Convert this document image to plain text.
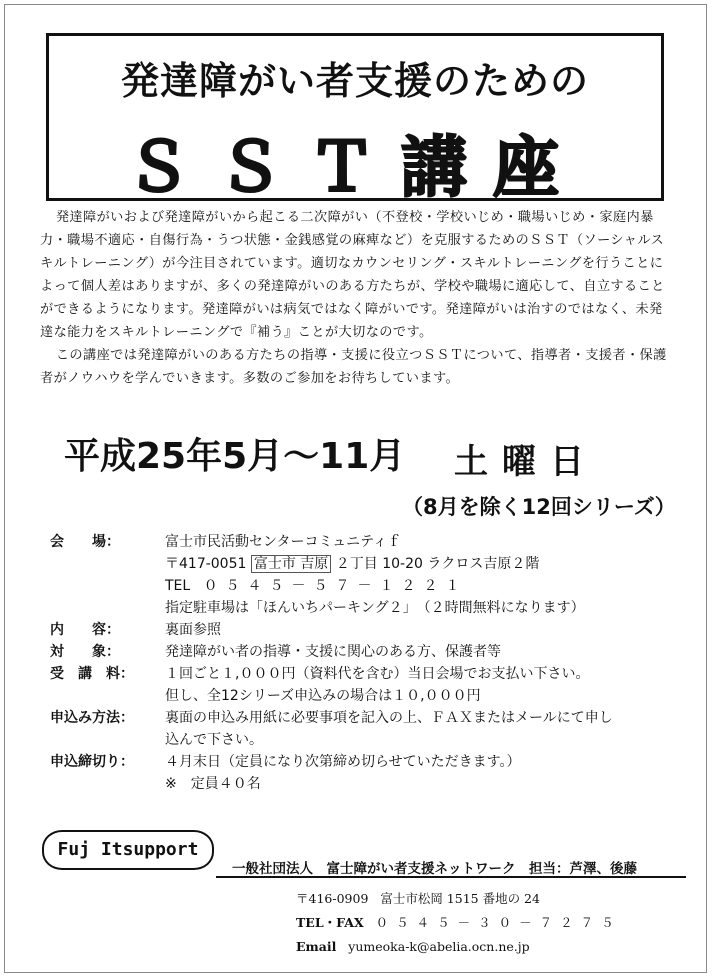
発達障がい者支援のための
ＳＳＴ講座

発達障がいおよび発達障がいから起こる二次障がい（不登校・学校いじめ・職場いじめ・家庭内暴力・職場不適応・自傷行為・うつ状態・金銭感覚の麻痺など）を克服するためのＳＳＴ（ソーシャルスキルトレーニング）が今注目されています。適切なカウンセリング・スキルトレーニングを行うことによって個人差はありますが、多くの発達障がいのある方たちが、学校や職場に適応して、自立することができるようになります。発達障がいは病気ではなく障がいです。発達障がいは治すのではなく、未発達な能力をスキルトレーニングで『補う』ことが大切なのです。

この講座では発達障がいのある方たちの指導・支援に役立つＳＳＴについて、指導者・支援者・保護者がノウハウを学んでいきます。多数のご参加をお待ちしています。

平成25年5月～11月 土曜日
（8月を除く12回シリーズ）
会　　場：	富士市民活動センターコミュニティｆ
〒417-0051 富士市 吉原 ２丁目 10-20 ラクロス吉原２階
TEL ０５４５－５７－１２２１
指定駐車場は「ほんいちパーキング２」　（２時間無料になります）
内　　容：	裏面参照
対　　象：	発達障がい者の指導・支援に関心のある方、保護者等
受　講　料： １回ごと１,０００円（資料代を含む）当日会場でお支払い下さい。
但し、全12シリーズ申込みの場合は１０,０００円
申込み方法： 裏面の申込み用紙に必要事項を記入の上、ＦＡＸまたはメールにて申し
込んで下さい。
申込締切り： ４月末日（定員になり次第締め切らせていただきます。）
※　定員４０名
Fuj Itsupport
一般社団法人　富士障がい者支援ネットワーク　担当：芦澤、後藤
〒416-0909 富士市松岡 1515 番地の 24
TEL・FAX ０５４５－３０－７２７５
Email yumeoka-k@abelia.ocn.ne.jp
